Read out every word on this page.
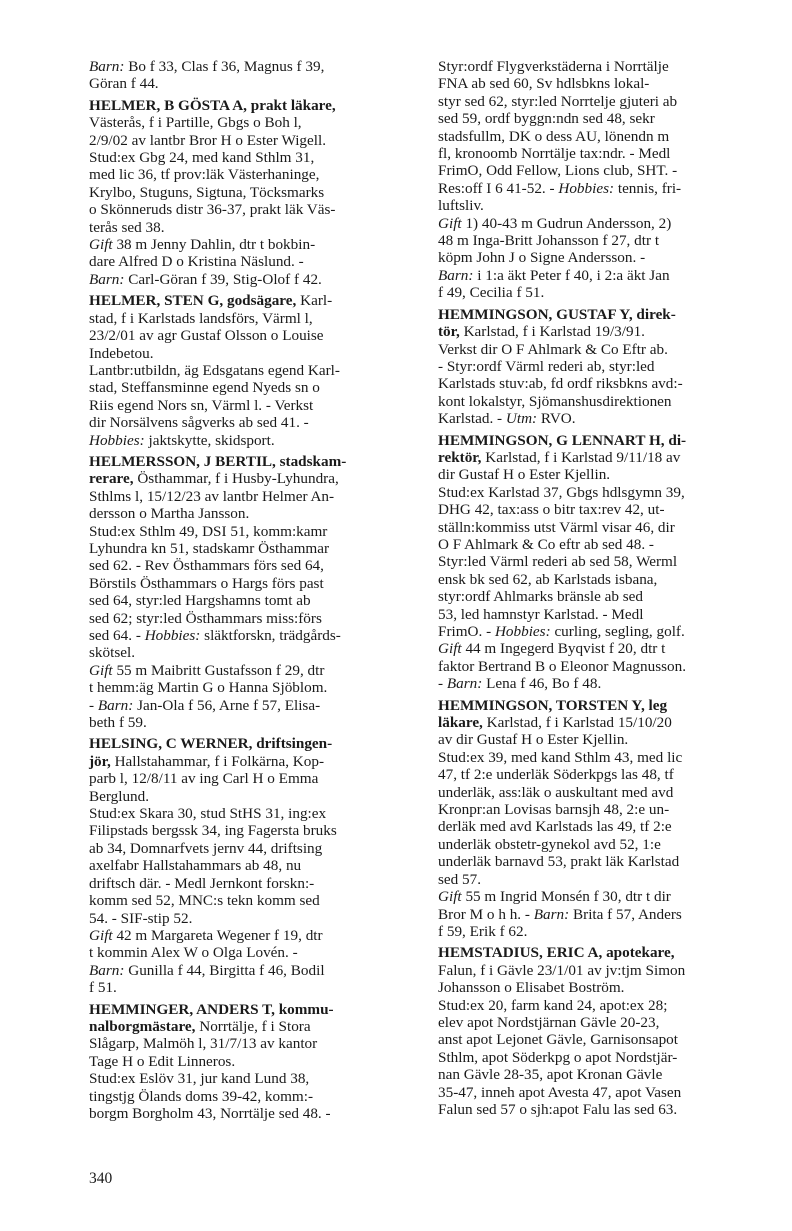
Barn: Bo f 33, Clas f 36, Magnus f 39,
Göran f 44.
HELMER, B GÖSTA A, prakt läkare,
Västerås, f i Partille, Gbgs o Boh l,
2/9/02 av lantbr Bror H o Ester Wigell.
Stud:ex Gbg 24, med kand Sthlm 31,
med lic 36, tf prov:läk Västerhaninge,
Krylbo, Stuguns, Sigtuna, Töcksmarks
o Skönneruds distr 36-37, prakt läk Väs-
terås sed 38.
Gift 38 m Jenny Dahlin, dtr t bokbin-
dare Alfred D o Kristina Näslund. -
Barn: Carl-Göran f 39, Stig-Olof f 42.
HELMER, STEN G, godsägare, Karl-
stad, f i Karlstads landsförs, Värml l,
23/2/01 av agr Gustaf Olsson o Louise
Indebetou.
Lantbr:utbildn, äg Edsgatans egend Karl-
stad, Steffansminne egend Nyeds sn o
Riis egend Nors sn, Värml l. - Verkst
dir Norsälvens sågverks ab sed 41. -
Hobbies: jaktskytte, skidsport.
HELMERSSON, J BERTIL, stadskam-
rerare, Östhammar, f i Husby-Lyhundra,
Sthlms l, 15/12/23 av lantbr Helmer An-
dersson o Martha Jansson.
Stud:ex Sthlm 49, DSI 51, komm:kamr
Lyhundra kn 51, stadskamr Östhammar
sed 62. - Rev Östhammars förs sed 64,
Börstils Östhammars o Hargs förs past
sed 64, styr:led Hargshamns tomt ab
sed 62; styr:led Östhammars miss:förs
sed 64. - Hobbies: släktforskn, trädgårds-
skötsel.
Gift 55 m Maibritt Gustafsson f 29, dtr
t hemm:äg Martin G o Hanna Sjöblom.
- Barn: Jan-Ola f 56, Arne f 57, Elisa-
beth f 59.
HELSING, C WERNER, driftsingen-
jör, Hallstahammar, f i Folkärna, Kop-
parb l, 12/8/11 av ing Carl H o Emma
Berglund.
Stud:ex Skara 30, stud StHS 31, ing:ex
Filipstads bergssk 34, ing Fagersta bruks
ab 34, Domnarfvets jernv 44, driftsing
axelfabr Hallstahammars ab 48, nu
driftsch där. - Medl Jernkont forskn:-
komm sed 52, MNC:s tekn komm sed
54. - SIF-stip 52.
Gift 42 m Margareta Wegener f 19, dtr
t kommin Alex W o Olga Lovén. -
Barn: Gunilla f 44, Birgitta f 46, Bodil
f 51.
HEMMINGER, ANDERS T, kommu-
nalborgmästare, Norrtälje, f i Stora
Slågarp, Malmöh l, 31/7/13 av kantor
Tage H o Edit Linneros.
Stud:ex Eslöv 31, jur kand Lund 38,
tingstjg Ölands doms 39-42, komm:-
borgm Borgholm 43, Norrtälje sed 48. -
Styr:ordf Flygverkstäderna i Norrtälje
FNA ab sed 60, Sv hdlsbkns lokal-
styr sed 62, styr:led Norrtelje gjuteri ab
sed 59, ordf byggn:ndn sed 48, sekr
stadsfullm, DK o dess AU, lönendn m
fl, kronoomb Norrtälje tax:ndr. - Medl
FrimO, Odd Fellow, Lions club, SHT. -
Res:off I 6 41-52. - Hobbies: tennis, fri-
luftsliv.
Gift 1) 40-43 m Gudrun Andersson, 2)
48 m Inga-Britt Johansson f 27, dtr t
köpm John J o Signe Andersson. -
Barn: i 1:a äkt Peter f 40, i 2:a äkt Jan
f 49, Cecilia f 51.
HEMMINGSON, GUSTAF Y, direk-
tör, Karlstad, f i Karlstad 19/3/91.
Verkst dir O F Ahlmark & Co Eftr ab.
- Styr:ordf Värml rederi ab, styr:led
Karlstads stuv:ab, fd ordf riksbkns avd:-
kont lokalstyr, Sjömanshusdirektionen
Karlstad. - Utm: RVO.
HEMMINGSON, G LENNART H, di-
rektör, Karlstad, f i Karlstad 9/11/18 av
dir Gustaf H o Ester Kjellin.
Stud:ex Karlstad 37, Gbgs hdlsgymn 39,
DHG 42, tax:ass o bitr tax:rev 42, ut-
ställn:kommiss utst Värml visar 46, dir
O F Ahlmark & Co eftr ab sed 48. -
Styr:led Värml rederi ab sed 58, Werml
ensk bk sed 62, ab Karlstads isbana,
styr:ordf Ahlmarks bränsle ab sed
53, led hamnstyr Karlstad. - Medl
FrimO. - Hobbies: curling, segling, golf.
Gift 44 m Ingegerd Byqvist f 20, dtr t
faktor Bertrand B o Eleonor Magnusson.
- Barn: Lena f 46, Bo f 48.
HEMMINGSON, TORSTEN Y, leg
läkare, Karlstad, f i Karlstad 15/10/20
av dir Gustaf H o Ester Kjellin.
Stud:ex 39, med kand Sthlm 43, med lic
47, tf 2:e underläk Söderkpgs las 48, tf
underläk, ass:läk o auskultant med avd
Kronpr:an Lovisas barnsjh 48, 2:e un-
derläk med avd Karlstads las 49, tf 2:e
underläk obstetr-gynekol avd 52, 1:e
underläk barnavd 53, prakt läk Karlstad
sed 57.
Gift 55 m Ingrid Monsén f 30, dtr t dir
Bror M o h h. - Barn: Brita f 57, Anders
f 59, Erik f 62.
HEMSTADIUS, ERIC A, apotekare,
Falun, f i Gävle 23/1/01 av jv:tjm Simon
Johansson o Elisabet Boström.
Stud:ex 20, farm kand 24, apot:ex 28;
elev apot Nordstjärnan Gävle 20-23,
anst apot Lejonet Gävle, Garnisonsapot
Sthlm, apot Söderkpg o apot Nordstjär-
nan Gävle 28-35, apot Kronan Gävle
35-47, inneh apot Avesta 47, apot Vasen
Falun sed 57 o sjh:apot Falu las sed 63.
340
